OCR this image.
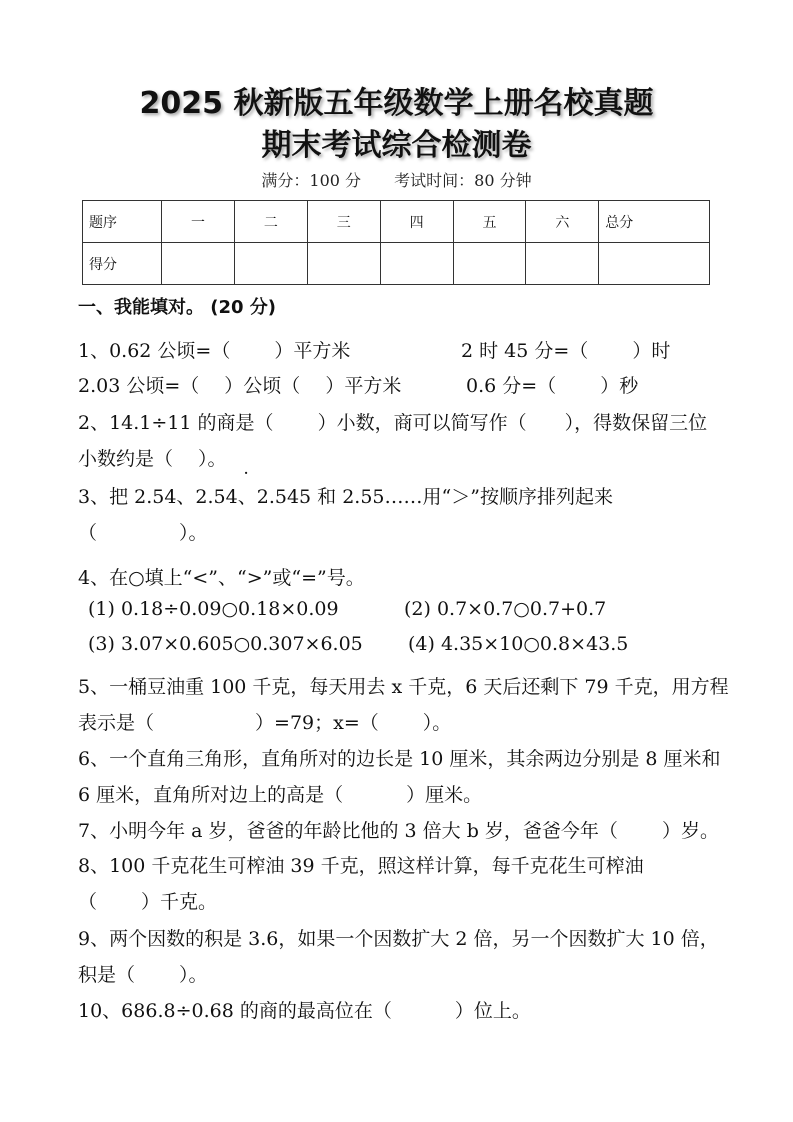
2025 秋新版五年级数学上册名校真题
期末考试综合检测卷
满分：100 分 考试时间：80 分钟
题序	一	二	三	四	五	六	总分
得分							
一、我能填对。 (20 分)
1、0.62 公顷=（　　 ）平方米	2 时 45 分=（　　 ）时
2.03 公顷=（　 ）公顷（　 ）平方米	0.6 分=（　　 ）秒
2、14.1÷11 的商是（　　 ）小数，商可以简写作（　　），得数保留三位
小数约是（　 ）。
·
3、把 2.54、2.54、2.545 和 2.55……用“＞”按顺序排列起来
（　　　　 ）。
4、在○填上“<”、“>”或“=”号。
(1) 0.18÷0.09○0.18×0.09	(2) 0.7×0.7○0.7+0.7
(3) 3.07×0.605○0.307×6.05 (4) 4.35×10○0.8×43.5
5、一桶豆油重 100 千克，每天用去 x 千克，6 天后还剩下 79 千克，用方程
表示是（　　　　　 ）=79；x=（　　 ）。
6、一个直角三角形，直角所对的边长是 10 厘米，其余两边分别是 8 厘米和
6 厘米，直角所对边上的高是（　　　 ）厘米。
7、小明今年 a 岁，爸爸的年龄比他的 3 倍大 b 岁，爸爸今年（　　 ）岁。
8、100 千克花生可榨油 39 千克，照这样计算，每千克花生可榨油
（　　 ）千克。
9、两个因数的积是 3.6，如果一个因数扩大 2 倍，另一个因数扩大 10 倍，
积是（　　 ）。
10、686.8÷0.68 的商的最高位在（　　　 ）位上。
